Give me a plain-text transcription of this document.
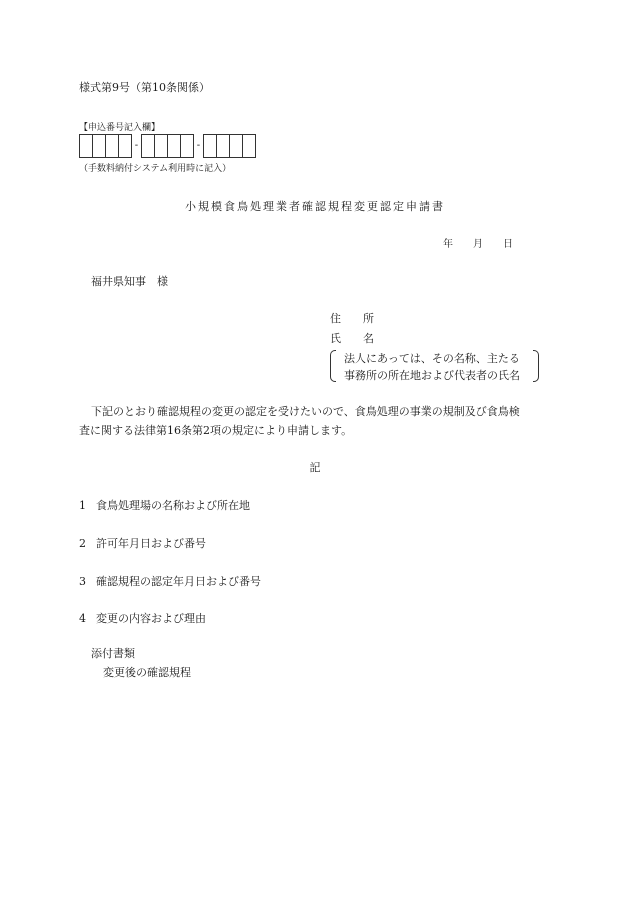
様式第9号（第10条関係）
【申込番号記入欄】
-	-
（手数料納付システム利用時に記入）
小規模食鳥処理業者確認規程変更認定申請書
年 月 日
福井県知事　様
住　　所
氏　　名
法人にあっては、その名称、主たる
事務所の所在地および代表者の氏名
下記のとおり確認規程の変更の認定を受けたいので、食鳥処理の事業の規制及び食鳥検
査に関する法律第16条第2項の規定により申請します。
記
1 食鳥処理場の名称および所在地
2 許可年月日および番号
3 確認規程の認定年月日および番号
4 変更の内容および理由
添付書類
変更後の確認規程
